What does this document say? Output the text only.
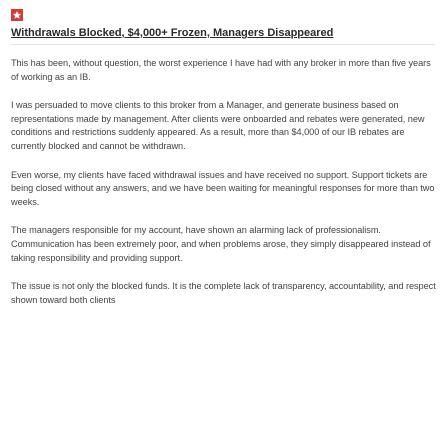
Withdrawals Blocked, $4,000+ Frozen, Managers Disappeared

This has been, without question, the worst experience I have had with any broker in more than five years of working as an IB.

I was persuaded to move clients to this broker from a Manager, and generate business based on representations made by management. After clients were onboarded and rebates were generated, new conditions and restrictions suddenly appeared. As a result, more than $4,000 of our IB rebates are currently blocked and cannot be withdrawn.

Even worse, my clients have faced withdrawal issues and have received no support. Support tickets are being closed without any answers, and we have been waiting for meaningful responses for more than two weeks.

The managers responsible for my account, have shown an alarming lack of professionalism. Communication has been extremely poor, and when problems arose, they simply disappeared instead of taking responsibility and providing support.

The issue is not only the blocked funds. It is the complete lack of transparency, accountability, and respect shown toward both clients
